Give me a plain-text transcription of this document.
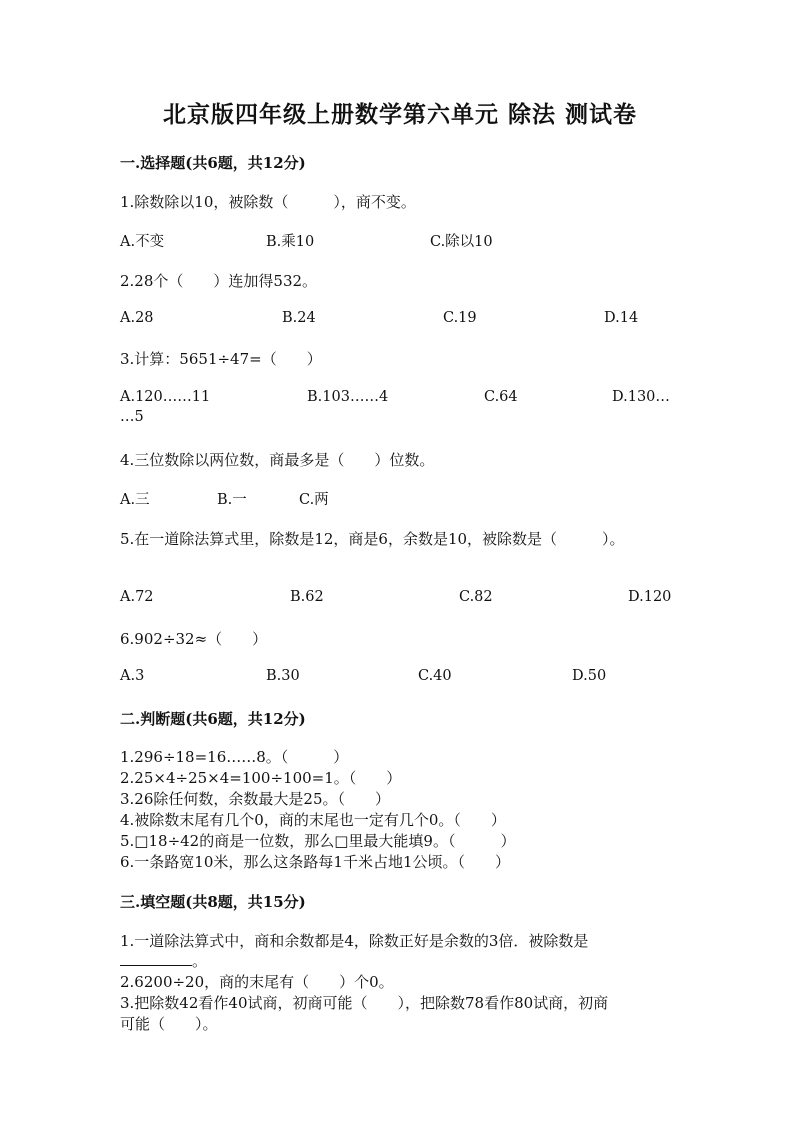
北京版四年级上册数学第六单元 除法 测试卷
一.选择题(共6题，共12分)
1.除数除以10，被除数（　　　），商不变。
A.不变	B.乘10	C.除以10
2.28个（　　）连加得532。
A.28	B.24	C.19	D.14
3.计算：5651÷47=（　　）
A.120……11	B.103……4	C.64	D.130…
…5
4.三位数除以两位数，商最多是（　　）位数。
A.三	B.一	C.两
5.在一道除法算式里，除数是12，商是6，余数是10，被除数是（　　　）。
A.72	B.62	C.82	D.120
6.902÷32≈（　　）
A.3	B.30	C.40	D.50
二.判断题(共6题，共12分)
1.296÷18=16……8。（　　　）
2.25×4÷25×4=100÷100=1。（　　）
3.26除任何数，余数最大是25。（　　）
4.被除数末尾有几个0，商的末尾也一定有几个0。（　　）
5.□18÷42的商是一位数，那么□里最大能填9。（　　　）
6.一条路宽10米，那么这条路每1千米占地1公顷。（　　）
三.填空题(共8题，共15分)
1.一道除法算式中，商和余数都是4，除数正好是余数的3倍．被除数是
。
2.6200÷20，商的末尾有（　　）个0。
3.把除数42看作40试商，初商可能（　　），把除数78看作80试商，初商
可能（　　）。
